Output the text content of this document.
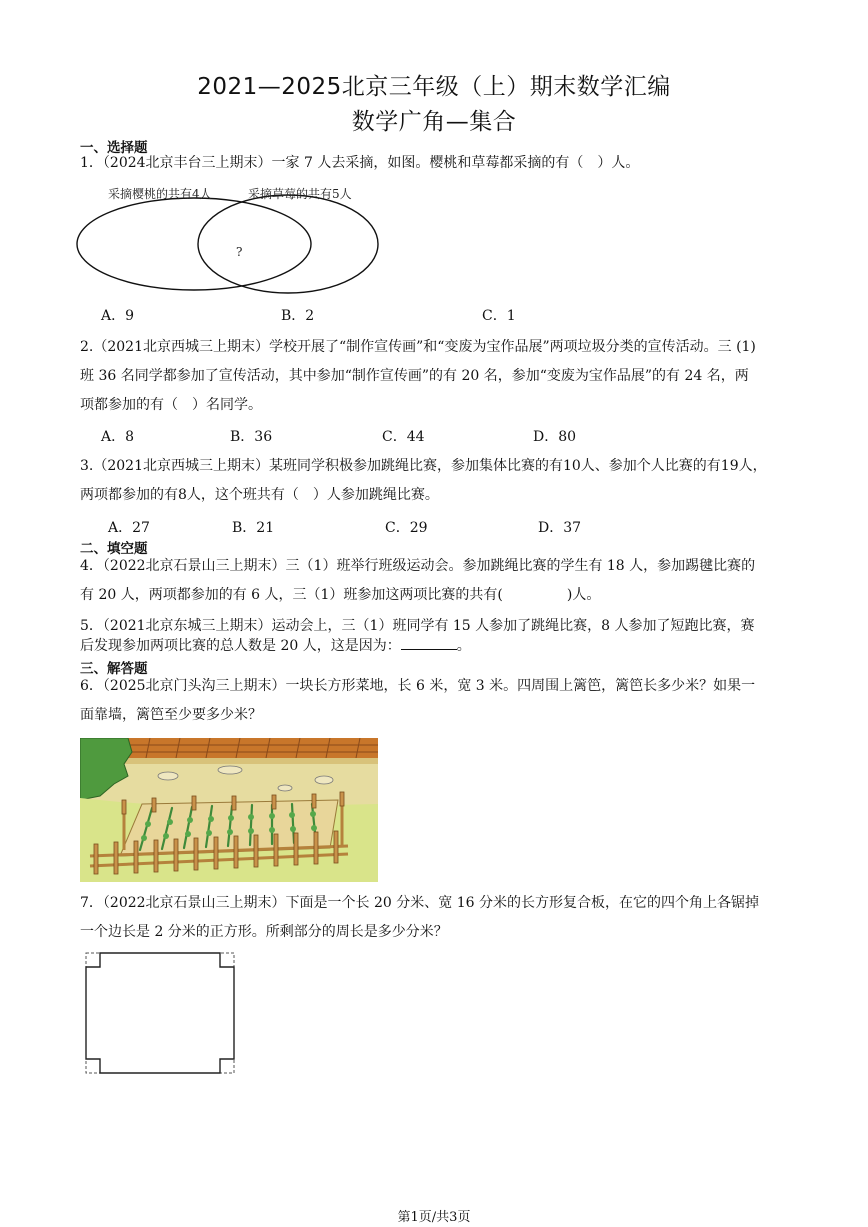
2021—2025北京三年级（上）期末数学汇编
数学广角—集合
一、选择题
1．（2024北京丰台三上期末）一家 7 人去采摘，如图。樱桃和草莓都采摘的有（　）人。
采摘樱桃的共有4人	采摘草莓的共有5人
?
A．9	B．2	C．1
2.（2021北京西城三上期末）学校开展了“制作宣传画”和“变废为宝作品展”两项垃圾分类的宣传活动。三 (1)
班 36 名同学都参加了宣传活动，其中参加“制作宣传画”的有 20 名，参加“变废为宝作品展”的有 24 名，两
项都参加的有（　）名同学。
A．8	B．36	C．44	D．80
3.（2021北京西城三上期末）某班同学积极参加跳绳比赛，参加集体比赛的有10人、参加个人比赛的有19人，
两项都参加的有8人，这个班共有（　）人参加跳绳比赛。
A．27	B．21	C．29	D．37
二、填空题
4．（2022北京石景山三上期末）三（1）班举行班级运动会。参加跳绳比赛的学生有 18 人，参加踢毽比赛的
有 20 人，两项都参加的有 6 人，三（1）班参加这两项比赛的共有(	)人。
5．（2021北京东城三上期末）运动会上，三（1）班同学有 15 人参加了跳绳比赛，8 人参加了短跑比赛，赛
后发现参加两项比赛的总人数是 20 人，这是因为：	。
三、解答题
6．（2025北京门头沟三上期末）一块长方形菜地，长 6 米，宽 3 米。四周围上篱笆，篱笆长多少米？如果一
面靠墙，篱笆至少要多少米？
7．（2022北京石景山三上期末）下面是一个长 20 分米、宽 16 分米的长方形复合板，在它的四个角上各锯掉
一个边长是 2 分米的正方形。所剩部分的周长是多少分米？
第1页/共3页
